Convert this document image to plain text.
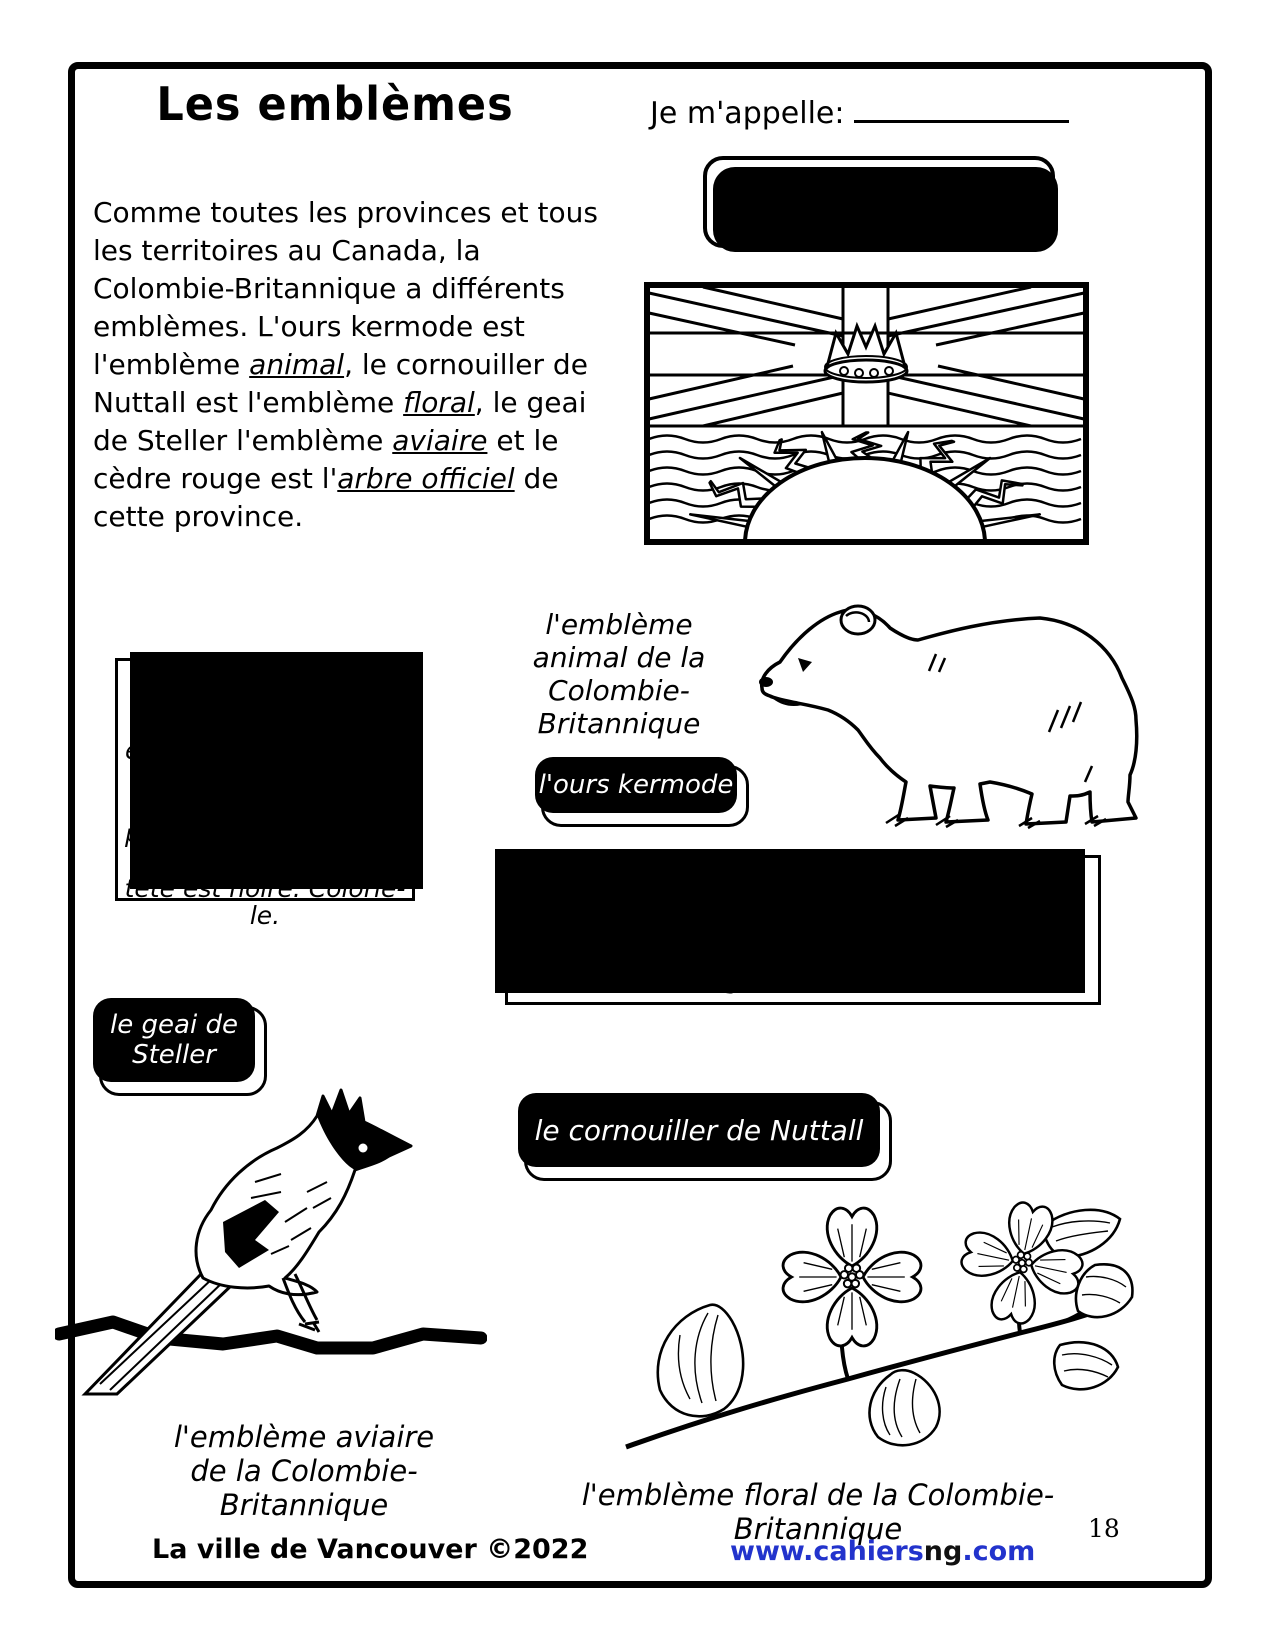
Les emblèmes	Je m'appelle:

Comme toutes les provinces et tous les territoires au Canada, la Colombie-Britannique a différents emblèmes. L'ours kermode est l'emblème animal, le cornouiller de Nuttall est l'emblème floral, le geai de Steller l'emblème aviaire et le cèdre rouge est l'arbre officiel de cette province.

Colorie le drapeau de la Colombie-Britannique.
l'emblème animal de la Colombie-Britannique
l'ours kermode
L'ours kermode est une forme “blanche” de l'ours noir. D'habitude, ses yeux et son nez sont de couleur brune et son pelage a des tons de beige ou de crème. Colorie-le.
Le geai de Steller a été choisi comme emblème aviaire de la Colombie-Britannique en 1987. Son plumage est d'un bleu éclatant et noir. Sa tête est noire. Colorie-le.
le geai de Steller
le cornouiller de Nuttall
l'emblème aviaire de la Colombie-Britannique	l'emblème floral de la Colombie-Britannique
La ville de Vancouver ©2022	www.cahiersng.com
18
